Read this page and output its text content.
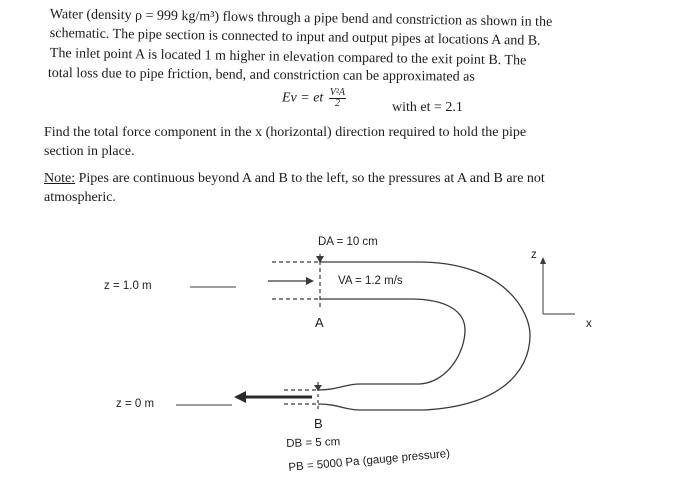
Water (density ρ = 999 kg/m³) flows through a pipe bend and constriction as shown in the
schematic. The pipe section is connected to input and output pipes at locations A and B.
The inlet point A is located 1 m higher in elevation compared to the exit point B. The
total loss due to pipe friction, bend, and constriction can be approximated as
Ev = et $\frac{\text{V²A}}{2}$	with et = 2.1
Find the total force component in the x (horizontal) direction required to hold the pipe
section in place.
Note: Pipes are continuous beyond A and B to the left, so the pressures at A and B are not
atmospheric.
DA = 10 cm
z = 1.0 m	VA = 1.2 m/s
A
z = 0 m
B
DB = 5 cm
PB = 5000 Pa (gauge pressure)
z
x
